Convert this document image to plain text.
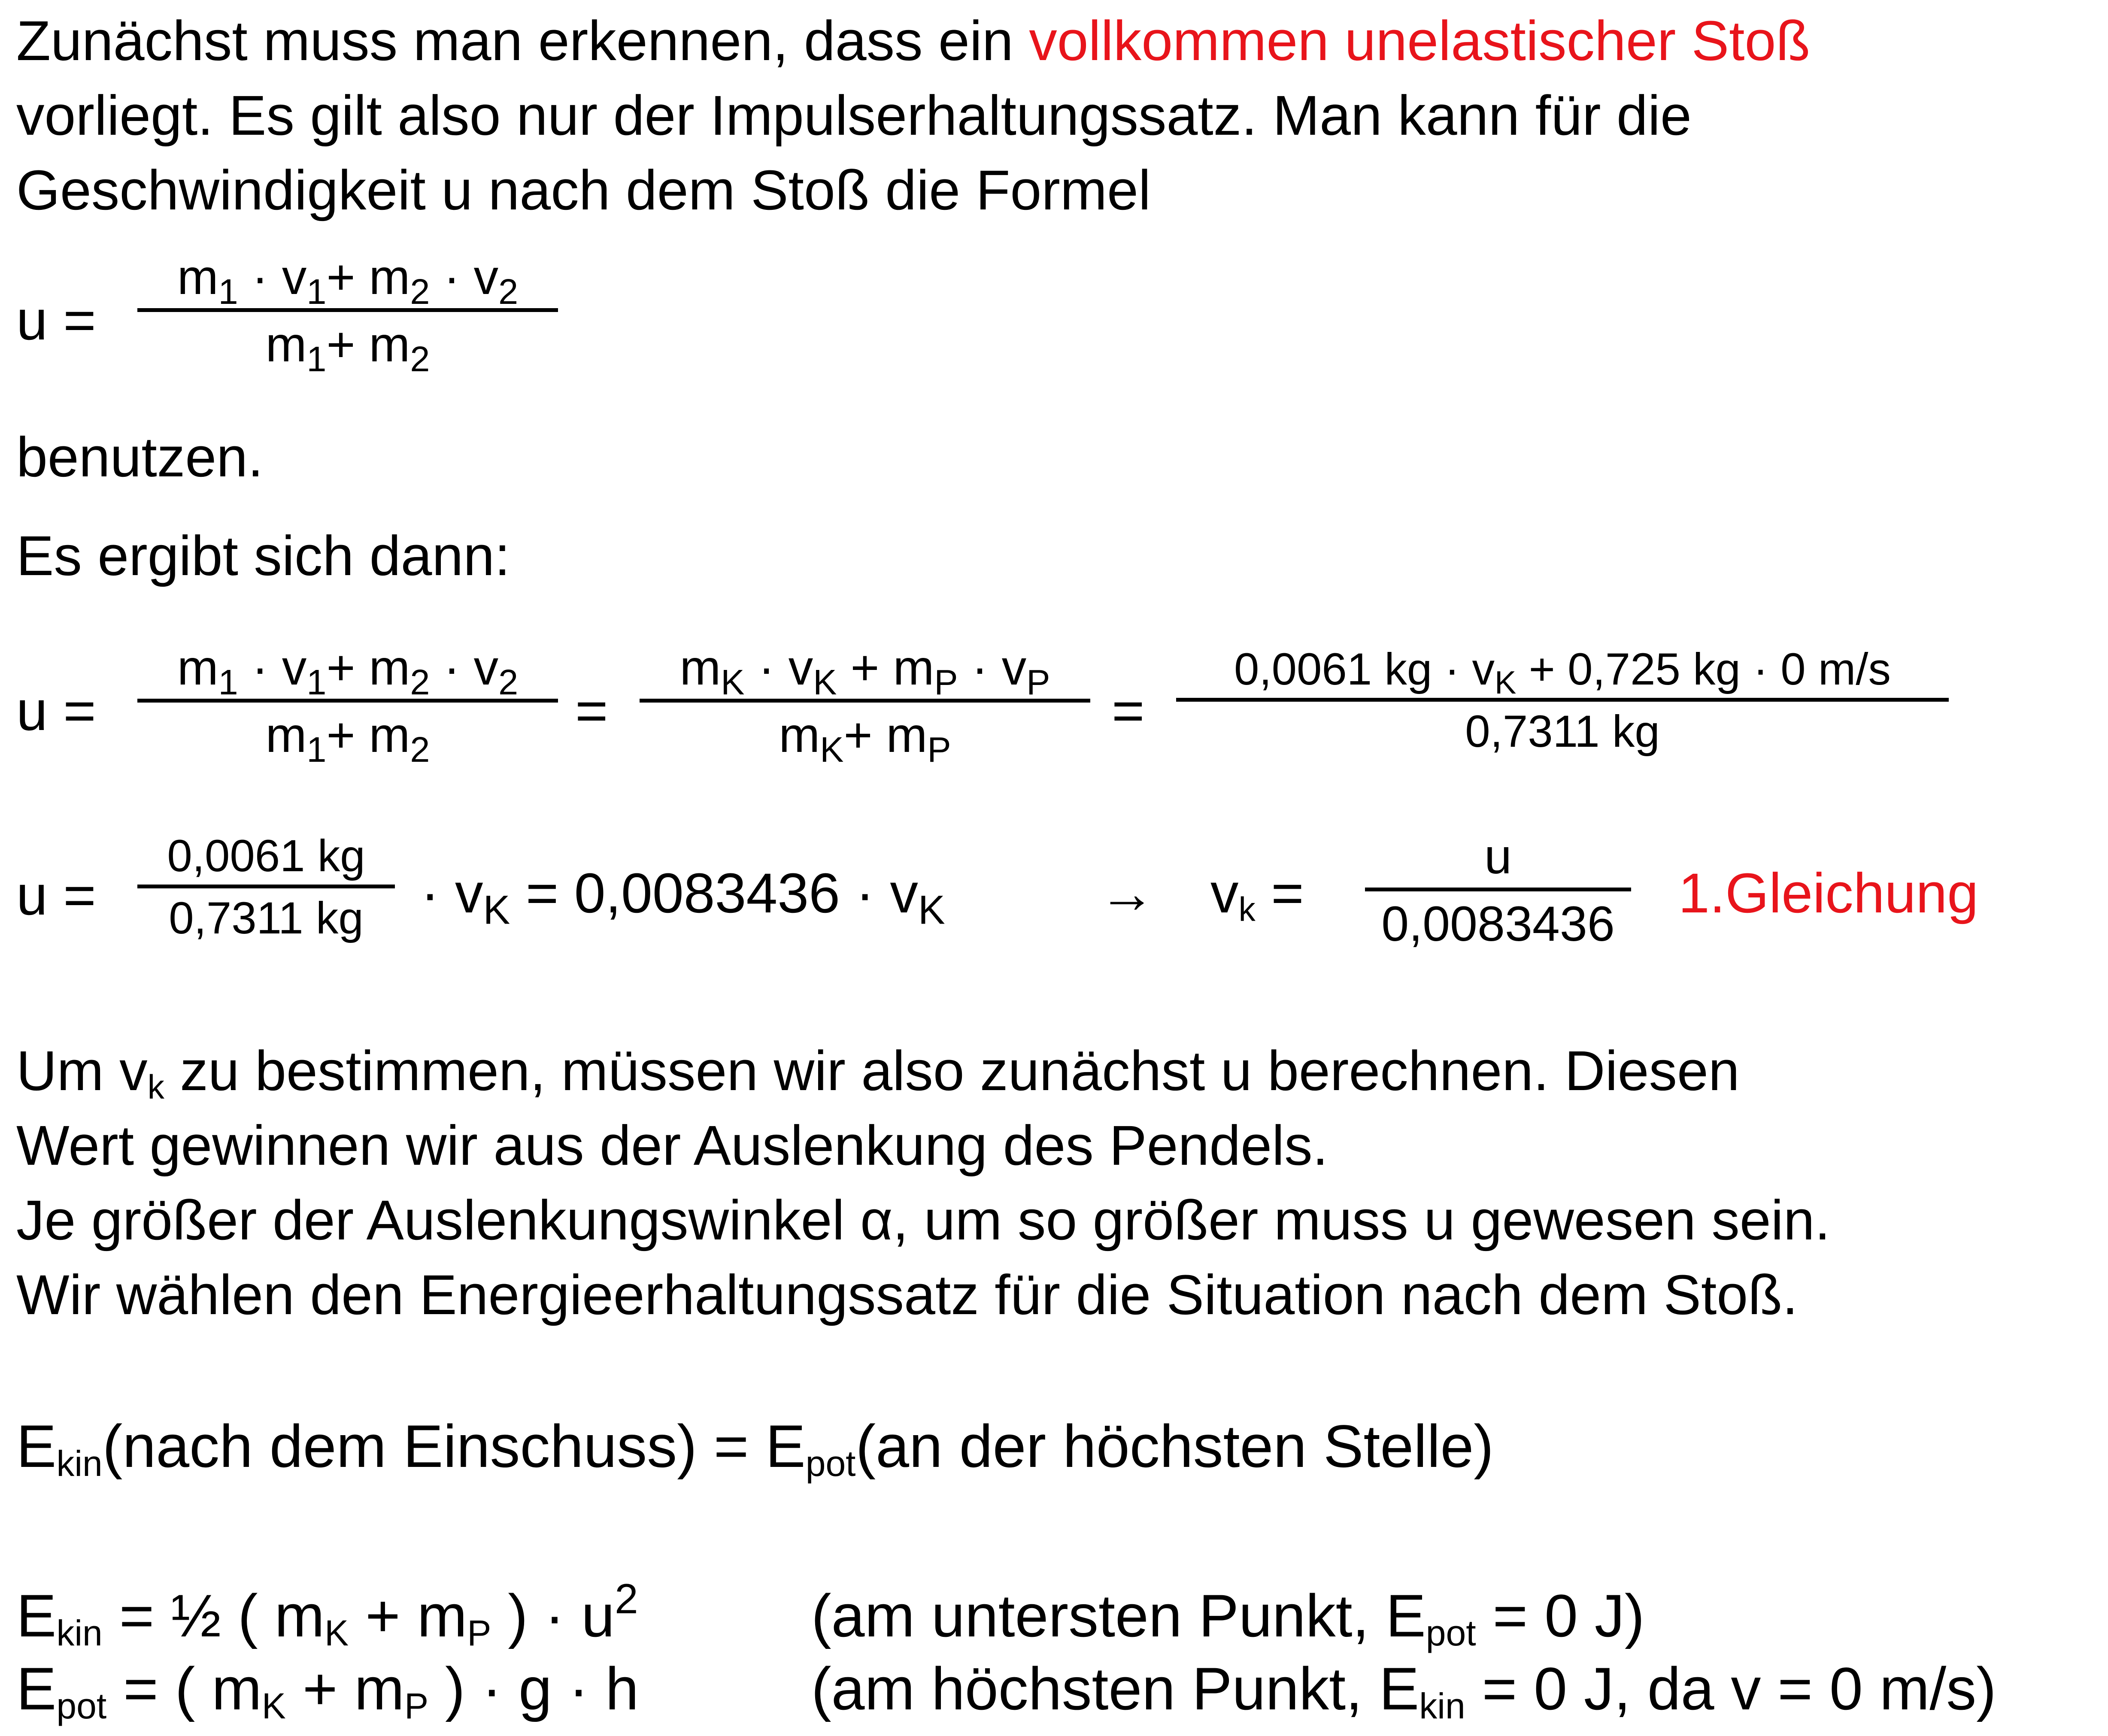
Zunächst muss man erkennen, dass ein vollkommen unelastischer Stoß
vorliegt. Es gilt also nur der Impulserhaltungssatz. Man kann für die
Geschwindigkeit u nach dem Stoß die Formel
u =
$m_1 \cdot v_1+ m_2 \cdot v_2$
$m_1+ m_2$
benutzen.
Es ergibt sich dann:
u =
$m_1 \cdot v_1+ m_2 \cdot v_2$
$m_1+ m_2$
=
$m_K \cdot v_K + m_P \cdot v_P$
$m_K+ m_P$
=
0,0061 kg · $v_K + 0,725$ kg · 0 m/s
0,7311 kg
u =
0,0061 kg
0,7311 kg	· $v_K = 0,0083436 \cdot v_K$	→ $v_k$ =
u
0,0083436 1.Gleichung
Um $v_k$ zu bestimmen, müssen wir also zunächst u berechnen. Diesen
Wert gewinnen wir aus der Auslenkung des Pendels.
Je größer der Auslenkungswinkel α, um so größer muss u gewesen sein.
Wir wählen den Energieerhaltungssatz für die Situation nach dem Stoß.
$E_{kin}(nach$ dem Einschuss) = $E_{pot}(an$ der höchsten Stelle)
$E_{kin}$ = ½ ( $m_K + m_P$ ) · $u^2$	(am untersten Punkt, $E_{pot} = 0$ J)
$E_{pot}$ = ( $m_K + m_P$ ) · g · h	(am höchsten Punkt, $E_{kin} = 0$ J, da v = 0 m/s)
